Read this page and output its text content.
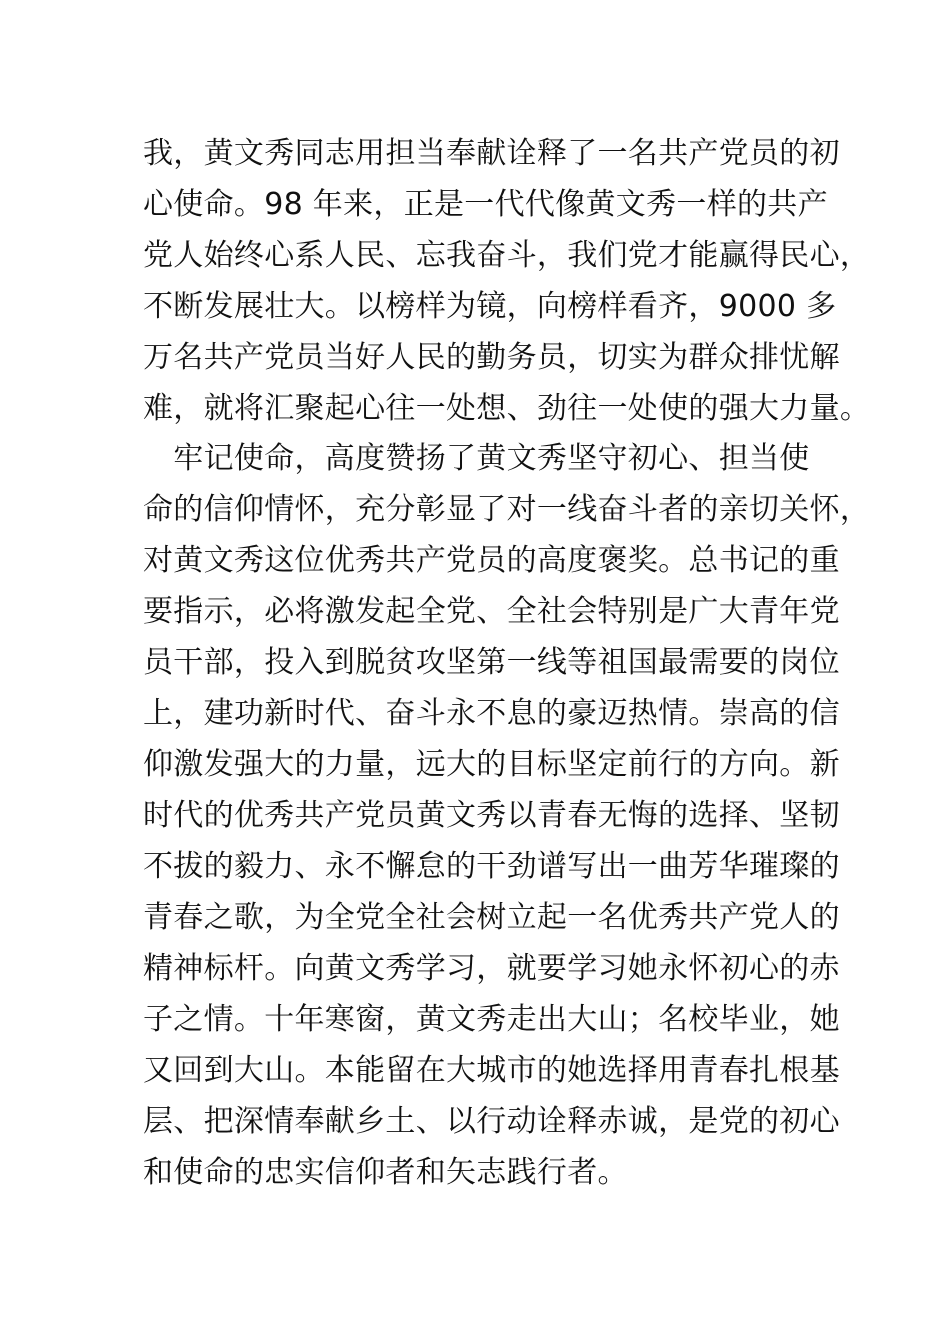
我，黄文秀同志用担当奉献诠释了一名共产党员的初
心使命。98 年来，正是一代代像黄文秀一样的共产
党人始终心系人民、忘我奋斗，我们党才能赢得民心，
不断发展壮大。以榜样为镜，向榜样看齐，9000 多
万名共产党员当好人民的勤务员，切实为群众排忧解
难，就将汇聚起心往一处想、劲往一处使的强大力量。
　牢记使命，高度赞扬了黄文秀坚守初心、担当使
命的信仰情怀，充分彰显了对一线奋斗者的亲切关怀，
对黄文秀这位优秀共产党员的高度褒奖。总书记的重
要指示，必将激发起全党、全社会特别是广大青年党
员干部，投入到脱贫攻坚第一线等祖国最需要的岗位
上，建功新时代、奋斗永不息的豪迈热情。崇高的信
仰激发强大的力量，远大的目标坚定前行的方向。新
时代的优秀共产党员黄文秀以青春无悔的选择、坚韧
不拔的毅力、永不懈怠的干劲谱写出一曲芳华璀璨的
青春之歌，为全党全社会树立起一名优秀共产党人的
精神标杆。向黄文秀学习，就要学习她永怀初心的赤
子之情。十年寒窗，黄文秀走出大山；名校毕业，她
又回到大山。本能留在大城市的她选择用青春扎根基
层、把深情奉献乡土、以行动诠释赤诚，是党的初心
和使命的忠实信仰者和矢志践行者。
